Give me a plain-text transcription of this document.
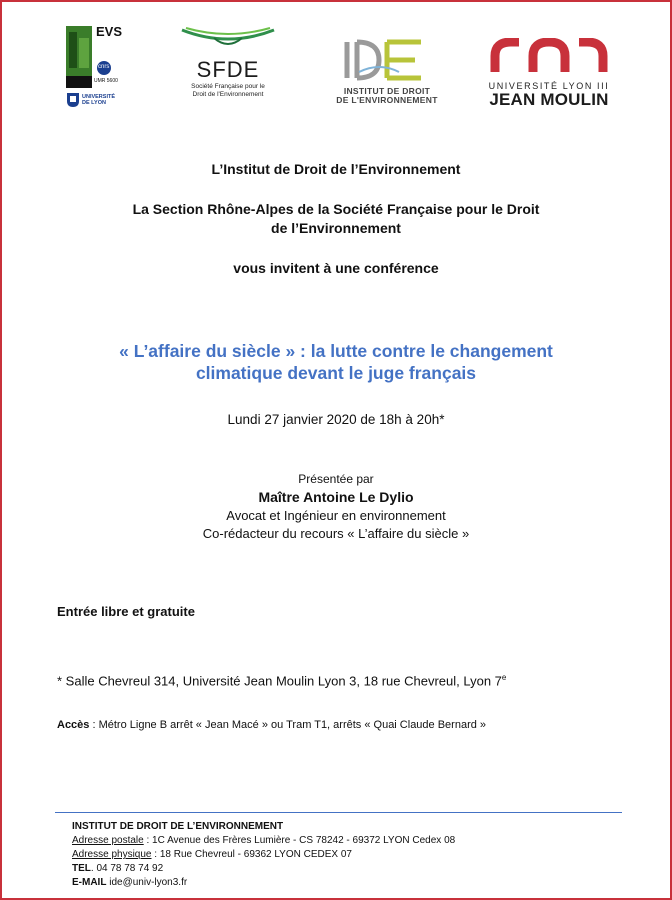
EVS
cnrs
UMR 5600
UNIVERSITÉ DE LYON
SFDE
Société Française pour le
Droit de l'Environnement	INSTITUT DE DROIT
DE L'ENVIRONNEMENT
UNIVERSITÉ LYON III
JEAN MOULIN
L’Institut de Droit de l’Environnement
La Section Rhône-Alpes de la Société Française pour le Droit
de l’Environnement
vous invitent à une conférence
« L’affaire du siècle » : la lutte contre le changement
climatique devant le juge français
Lundi 27 janvier 2020 de 18h à 20h*
Présentée par
Maître Antoine Le Dylio
Avocat et Ingénieur en environnement
Co-rédacteur du recours « L’affaire du siècle »
Entrée libre et gratuite
* Salle Chevreul 314, Université Jean Moulin Lyon 3, 18 rue Chevreul, Lyon 7e
Accès : Métro Ligne B arrêt « Jean Macé » ou Tram T1, arrêts « Quai Claude Bernard »
INSTITUT DE DROIT DE L’ENVIRONNEMENT
Adresse postale : 1C Avenue des Frères Lumière - CS 78242 - 69372 LYON Cedex 08
Adresse physique : 18 Rue Chevreul - 69362 LYON CEDEX 07
TEL. 04 78 78 74 92
E-MAIL ide@univ-lyon3.fr
